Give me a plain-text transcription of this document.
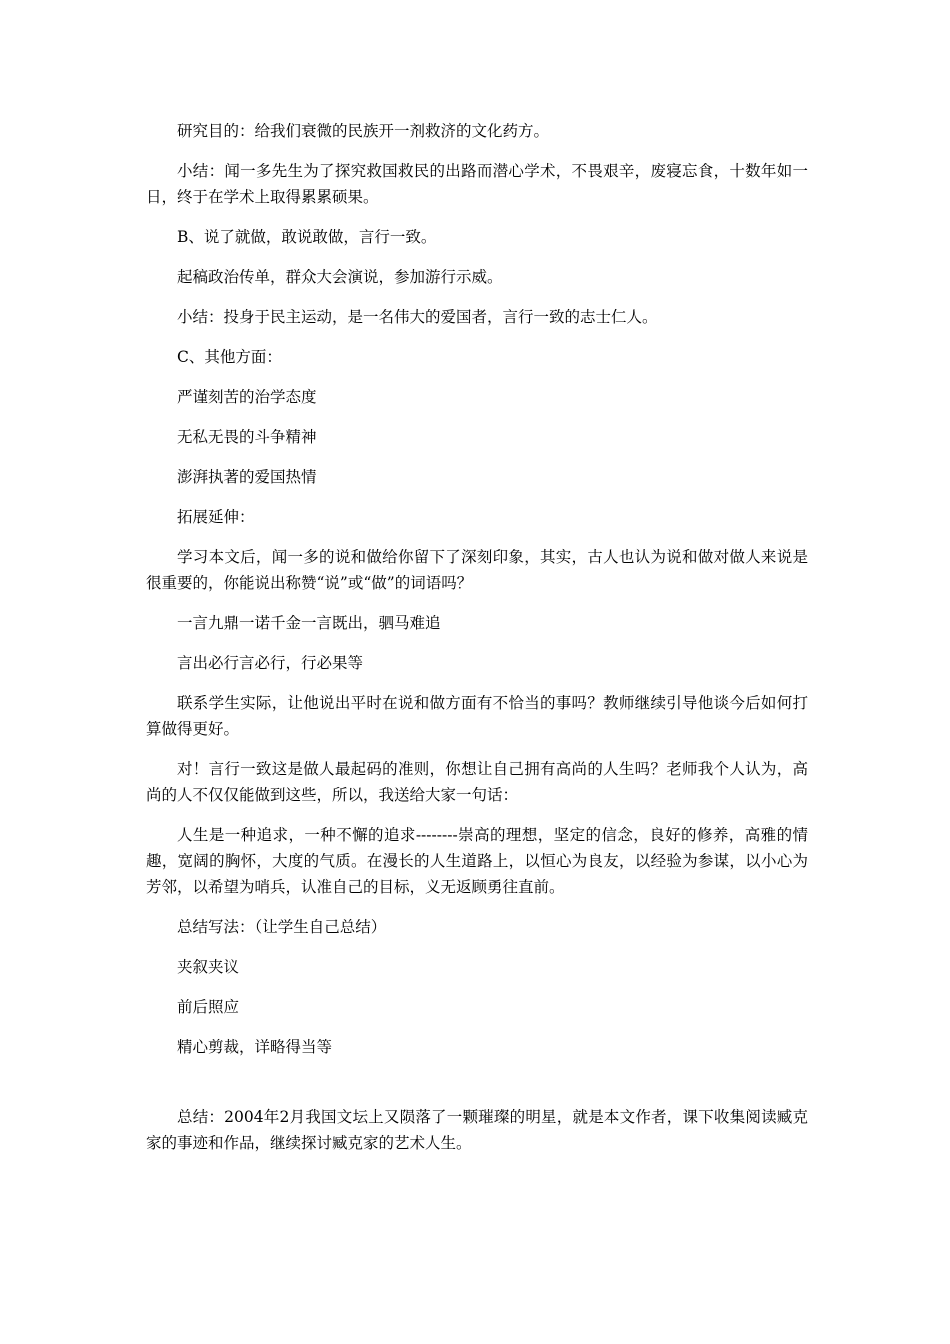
研究目的：给我们衰微的民族开一剂救济的文化药方。

小结：闻一多先生为了探究救国救民的出路而潜心学术，不畏艰辛，废寝忘食，十数年如一日，终于在学术上取得累累硕果。

B、说了就做，敢说敢做，言行一致。

起稿政治传单，群众大会演说，参加游行示威。

小结：投身于民主运动，是一名伟大的爱国者，言行一致的志士仁人。

C、其他方面：

严谨刻苦的治学态度

无私无畏的斗争精神

澎湃执著的爱国热情

拓展延伸：

学习本文后，闻一多的说和做给你留下了深刻印象，其实，古人也认为说和做对做人来说是很重要的，你能说出称赞“说”或“做”的词语吗？

一言九鼎一诺千金一言既出，驷马难追

言出必行言必行，行必果等

联系学生实际，让他说出平时在说和做方面有不恰当的事吗？教师继续引导他谈今后如何打算做得更好。

对！言行一致这是做人最起码的准则，你想让自己拥有高尚的人生吗？老师我个人认为，高尚的人不仅仅能做到这些，所以，我送给大家一句话：

人生是一种追求，一种不懈的追求--------崇高的理想，坚定的信念，良好的修养，高雅的情趣，宽阔的胸怀，大度的气质。在漫长的人生道路上，以恒心为良友，以经验为参谋，以小心为芳邻，以希望为哨兵，认准自己的目标，义无返顾勇往直前。

总结写法：（让学生自己总结）

夹叙夹议

前后照应

精心剪裁，详略得当等

总结：2004年2月我国文坛上又陨落了一颗璀璨的明星，就是本文作者，课下收集阅读臧克家的事迹和作品，继续探讨臧克家的艺术人生。
